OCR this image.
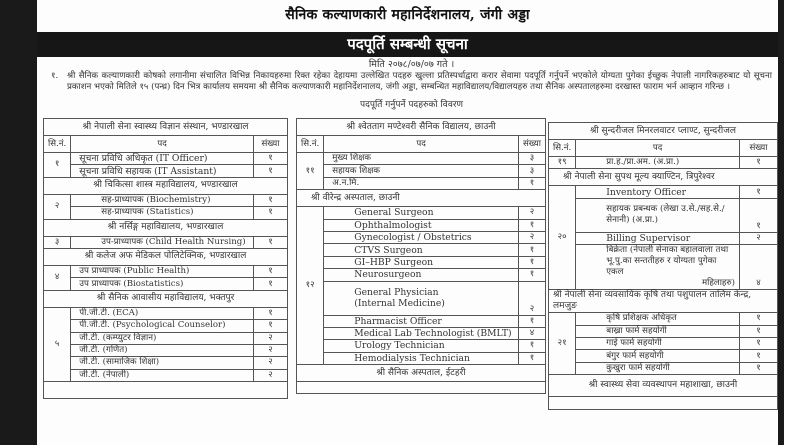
सैनिक कल्याणकारी महानिर्देशनालय, जंगी अड्डा
पदपूर्ति सम्बन्धी सूचना
मिति २०७८/०७/०७ गते ।
१.	श्री सैनिक कल्याणकारी कोषको लगानीमा संचालित विभिन्न निकायहरुमा रिक्त रहेका देहायमा उल्लेखित पदहरु खुल्ला प्रतिस्पर्धाद्वारा करार सेवामा पदपूर्ति गर्नुपर्ने भएकोले योग्यता पुगेका ईच्छुक नेपाली नागरिकहरुबाट यो सूचना प्रकाशन भएको मितिले १५ (पन्ध्र) दिन भित्र कार्यालय समयमा श्री सैनिक कल्याणकारी महानिर्देशनालय, जंगी अड्डा, सम्बन्धित महाविद्यालय/विद्यालयहरु तथा सैनिक अस्पतालहरुमा दरखास्त फाराम भर्न आव्हान गरिन्छ ।
पदपूर्ति गर्नुपर्ने पदहरुको विवरण
श्री नेपाली सेना स्वास्थ्य विज्ञान संस्थान, भण्डारखाल		
सि.नं.	पद	संख्या
१	सूचना प्रविधि अधिकृत (IT Officer)	१
	सूचना प्रविधि सहायक (IT Assistant)	१
श्री चिकित्सा शास्त्र महाविद्यालय, भण्डारखाल		
२	सह-प्राध्यापक (Biochemistry)	१
	सह-प्राध्यापक (Statistics)	१
श्री नर्सिङ्ग महाविद्यालय, भण्डारखाल		
३	उप-प्राध्यापक (Child Health Nursing)	१
श्री कलेज अफ मेडिकल पोलिटेक्निक, भण्डारखाल		
४	उप प्राध्यापक (Public Health)	१
	उप प्राध्यापक (Biostatistics)	१
श्री सैनिक आवासीय महाविद्यालय, भक्तपुर		
५	पी.जी.टी. (ECA)	१
	पी.जी.टी. (Psychological Counselor)	१
	जी.टी. (कम्प्युटर विज्ञान)	२
	जी.टी. (गणित)	२
	जी.टी. (सामाजिक शिक्षा)	२
	जी.टी. (नेपाली)	२

श्री श्वेतताग मण्टेश्वरी सैनिक विद्यालय, छाउनी		
सि.नं.	पद	संख्या
११	मुख्य शिक्षक	३
	सहायक शिक्षक	३
	अ.न.मि.	१
श्री वीरेन्द्र अस्पताल, छाउनी		
१२	General Surgeon	२
	Ophthalmologist	१
	Gynecologist / Obstetrics	२
	CTVS Surgeon	१
	GI–HBP Surgeon	१
	Neurosurgeon	१
	General Physician
(Internal Medicine)	२
	Pharmacist Officer	१
	Medical Lab Technologist (BMLT)	४
	Urology Technician	१
	Hemodialysis Technician	१
श्री सैनिक अस्पताल, ईटहरी		

श्री सुन्दरीजल मिनरलवाटर प्लाण्ट, सुन्दरीजल		
सि.नं.	पद	संख्या
१९	प्रा.ह./प्रा.अम. (अ.प्रा.)	१
श्री नेपाली सेना सुपथ मूल्य क्याण्टिन, त्रिपुरेश्वर		
२०	Inventory Officer	१
	सहायक प्रबन्धक (लेखा उ.से./सह.से./
सेनानी) (अ.प्रा.)	१
	Billing Supervisor	२
	बिक्रेता (नेपाली सेनाका बहालवाला तथा
भू.पु.का सन्ततीहरु र योग्यता पुगेका एकल

महिलाहरु)	४
श्री नेपाली सेना व्यवसायिक कृषि तथा पशुपालन तालिम केन्द्र, लमजुङ		
२१	कृषि प्रशिक्षक अधिकृत	१
	बाख्रा फार्म सहयोगी	१
	गाई फार्म सहयोगी	१
	बंगुर फार्म सहयोगी	१
	कुखुरा फार्म सहयोगी	१
श्री स्वास्थ्य सेवा व्यवस्थापन महाशाखा, छाउनी		
